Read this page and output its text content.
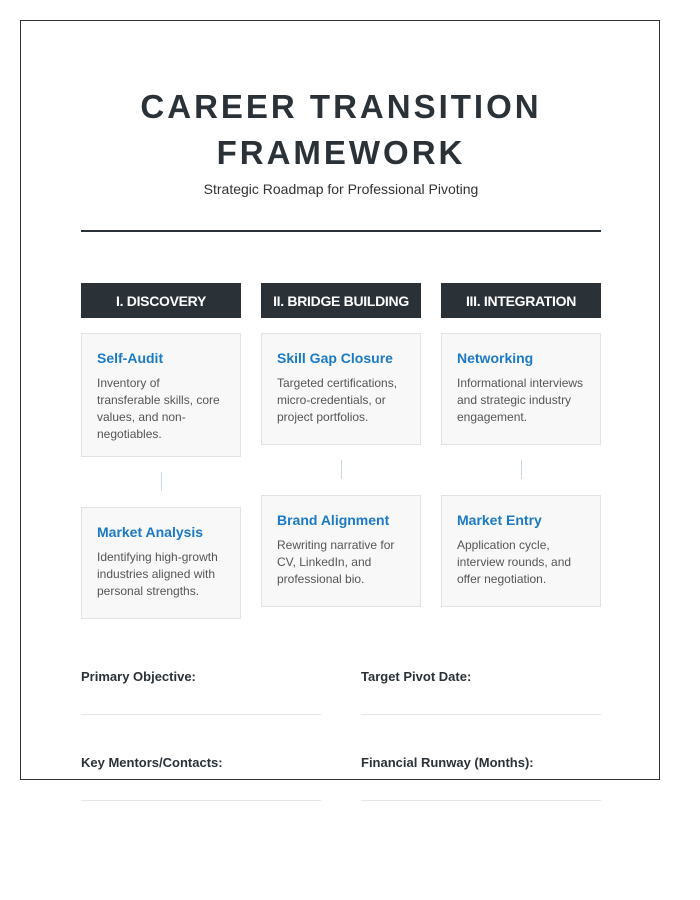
CAREER TRANSITION
FRAMEWORK
Strategic Roadmap for Professional Pivoting
I. DISCOVERY
Self-Audit
Inventory of transferable skills, core values, and non-negotiables.
Market Analysis
Identifying high-growth industries aligned with personal strengths.
II. BRIDGE BUILDING
Skill Gap Closure
Targeted certifications, micro-credentials, or project portfolios.
Brand Alignment
Rewriting narrative for CV, LinkedIn, and professional bio.
III. INTEGRATION
Networking
Informational interviews and strategic industry engagement.
Market Entry
Application cycle, interview rounds, and offer negotiation.
Primary Objective:	Target Pivot Date:
Key Mentors/Contacts:	Financial Runway (Months):
